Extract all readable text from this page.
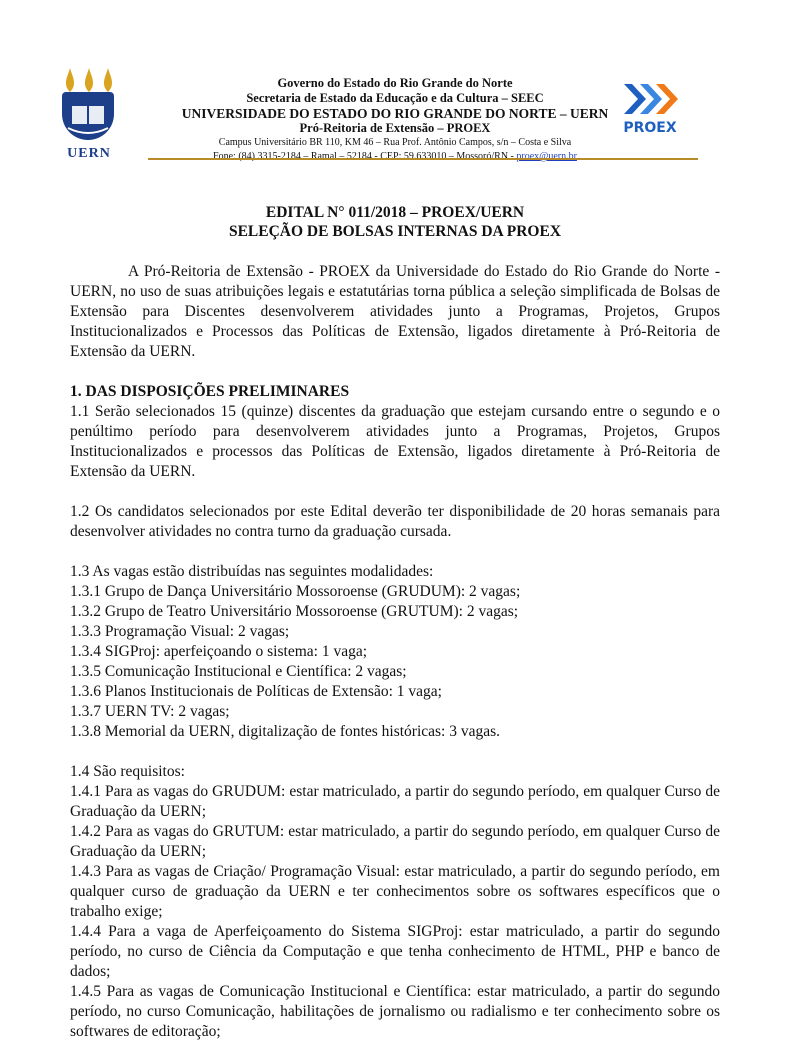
UERN
Governo do Estado do Rio Grande do Norte
Secretaria de Estado da Educação e da Cultura – SEEC
UNIVERSIDADE DO ESTADO DO RIO GRANDE DO NORTE – UERN
Pró-Reitoria de Extensão – PROEX
Campus Universitário BR 110, KM 46 – Rua Prof. Antônio Campos, s/n – Costa e Silva
Fone: (84) 3315-2184 – Ramal – 52184 - CEP: 59.633010 – Mossoró/RN - proex@uern.br
PROEX
EDITAL N° 011/2018 – PROEX/UERN
SELEÇÃO DE BOLSAS INTERNAS DA PROEX

A Pró-Reitoria de Extensão - PROEX da Universidade do Estado do Rio Grande do Norte -UERN, no uso de suas atribuições legais e estatutárias torna pública a seleção simplificada de Bolsas de Extensão para Discentes desenvolverem atividades junto a Programas, Projetos, Grupos Institucionalizados e Processos das Políticas de Extensão, ligados diretamente à Pró-Reitoria de Extensão da UERN.

1. DAS DISPOSIÇÕES PRELIMINARES

1.1 Serão selecionados 15 (quinze) discentes da graduação que estejam cursando entre o segundo e o penúltimo período para desenvolverem atividades junto a Programas, Projetos, Grupos Institucionalizados e processos das Políticas de Extensão, ligados diretamente à Pró-Reitoria de Extensão da UERN.

1.2 Os candidatos selecionados por este Edital deverão ter disponibilidade de 20 horas semanais para desenvolver atividades no contra turno da graduação cursada.

1.3 As vagas estão distribuídas nas seguintes modalidades:

1.3.1 Grupo de Dança Universitário Mossoroense (GRUDUM): 2 vagas;

1.3.2 Grupo de Teatro Universitário Mossoroense (GRUTUM): 2 vagas;

1.3.3 Programação Visual: 2 vagas;

1.3.4 SIGProj: aperfeiçoando o sistema: 1 vaga;

1.3.5 Comunicação Institucional e Científica: 2 vagas;

1.3.6 Planos Institucionais de Políticas de Extensão: 1 vaga;

1.3.7 UERN TV: 2 vagas;

1.3.8 Memorial da UERN, digitalização de fontes históricas: 3 vagas.

1.4 São requisitos:

1.4.1 Para as vagas do GRUDUM: estar matriculado, a partir do segundo período, em qualquer Curso de Graduação da UERN;

1.4.2 Para as vagas do GRUTUM: estar matriculado, a partir do segundo período, em qualquer Curso de Graduação da UERN;

1.4.3 Para as vagas de Criação/ Programação Visual: estar matriculado, a partir do segundo período, em qualquer curso de graduação da UERN e ter conhecimentos sobre os softwares específicos que o trabalho exige;

1.4.4 Para a vaga de Aperfeiçoamento do Sistema SIGProj: estar matriculado, a partir do segundo período, no curso de Ciência da Computação e que tenha conhecimento de HTML, PHP e banco de dados;

1.4.5 Para as vagas de Comunicação Institucional e Científica: estar matriculado, a partir do segundo período, no curso Comunicação, habilitações de jornalismo ou radialismo e ter conhecimento sobre os softwares de editoração;
